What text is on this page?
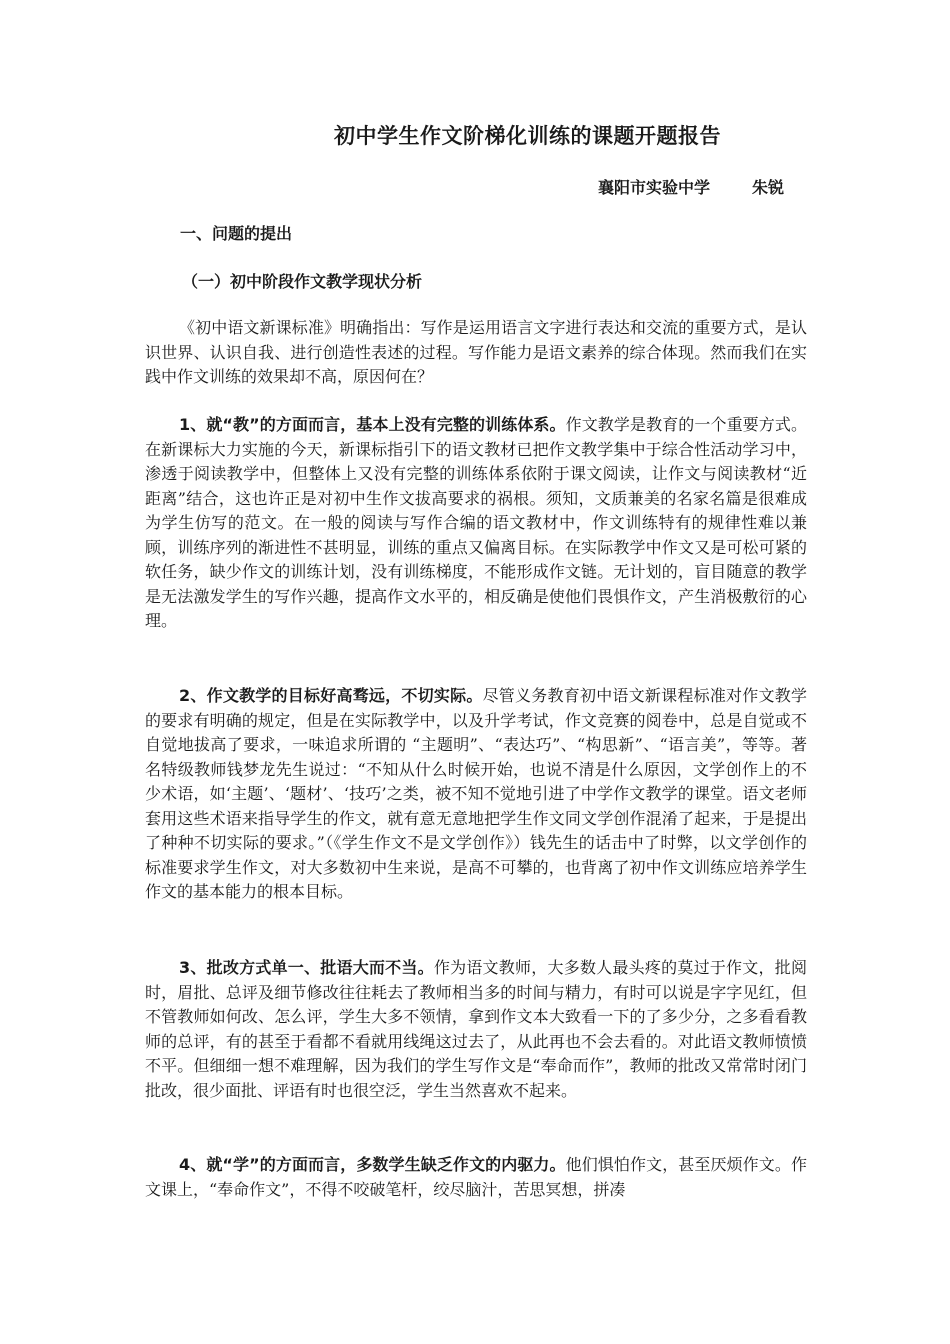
初中学生作文阶梯化训练的课题开题报告
襄阳市实验中学	朱锐
一、问题的提出
（一）初中阶段作文教学现状分析

《初中语文新课标准》明确指出：写作是运用语言文字进行表达和交流的重要方式，是认识世界、认识自我、进行创造性表述的过程。写作能力是语文素养的综合体现。然而我们在实践中作文训练的效果却不高，原因何在？

1、就“教”的方面而言，基本上没有完整的训练体系。作文教学是教育的一个重要方式。在新课标大力实施的今天，新课标指引下的语文教材已把作文教学集中于综合性活动学习中，渗透于阅读教学中，但整体上又没有完整的训练体系依附于课文阅读，让作文与阅读教材“近距离”结合，这也许正是对初中生作文拔高要求的祸根。须知，文质兼美的名家名篇是很难成为学生仿写的范文。在一般的阅读与写作合编的语文教材中，作文训练特有的规律性难以兼顾，训练序列的渐进性不甚明显，训练的重点又偏离目标。在实际教学中作文又是可松可紧的软任务，缺少作文的训练计划，没有训练梯度，不能形成作文链。无计划的，盲目随意的教学是无法激发学生的写作兴趣，提高作文水平的，相反确是使他们畏惧作文，产生消极敷衍的心理。

2、作文教学的目标好高骛远，不切实际。尽管义务教育初中语文新课程标准对作文教学的要求有明确的规定，但是在实际教学中，以及升学考试，作文竞赛的阅卷中，总是自觉或不自觉地拔高了要求，一味追求所谓的 “主题明”、“表达巧”、“构思新”、“语言美”，等等。著名特级教师钱梦龙先生说过：“不知从什么时候开始，也说不清是什么原因，文学创作上的不少术语，如‘主题’、‘题材’、‘技巧’之类，被不知不觉地引进了中学作文教学的课堂。语文老师套用这些术语来指导学生的作文，就有意无意地把学生作文同文学创作混淆了起来，于是提出了种种不切实际的要求。”（《学生作文不是文学创作》）钱先生的话击中了时弊，以文学创作的标准要求学生作文，对大多数初中生来说，是高不可攀的，也背离了初中作文训练应培养学生作文的基本能力的根本目标。

3、批改方式单一、批语大而不当。作为语文教师，大多数人最头疼的莫过于作文，批阅时，眉批、总评及细节修改往往耗去了教师相当多的时间与精力，有时可以说是字字见红，但不管教师如何改、怎么评，学生大多不领情，拿到作文本大致看一下的了多少分，之多看看教师的总评，有的甚至于看都不看就用线绳这过去了，从此再也不会去看的。对此语文教师愤愤不平。但细细一想不难理解，因为我们的学生写作文是“奉命而作”，教师的批改又常常时闭门批改，很少面批、评语有时也很空泛，学生当然喜欢不起来。

4、就“学”的方面而言，多数学生缺乏作文的内驱力。他们惧怕作文，甚至厌烦作文。作文课上，“奉命作文”，不得不咬破笔杆，绞尽脑汁，苦思冥想，拼凑
